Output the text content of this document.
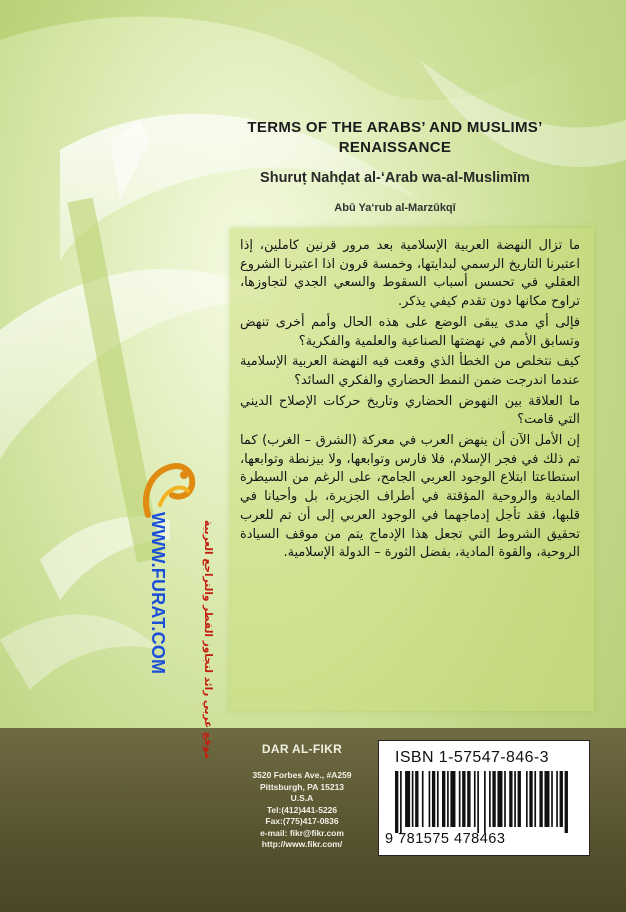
TERMS OF THE ARABS’ AND MUSLIMS’

RENAISSANCE

Shuruṭ Nahḍat al-‘Arab wa-al-Muslimīm
Abū Ya‘rub al-Marzūkqī

ما تزال النهضة العربية الإسلامية بعد مرور قرنين كاملين، إذا اعتبرنا التاريخ الرسمي لبدايتها، وخمسة قرون اذا اعتبرنا الشروع العقلي في تحسس أسباب السقوط والسعي الجدي لتجاوزها، تراوح مكانها دون تقدم كيفي يذكر.

فإلى أي مدى يبقى الوضع على هذه الحال وأمم أخرى تنهض وتسابق الأمم في نهضتها الصناعية والعلمية والفكرية؟

كيف نتخلص من الخطأ الذي وقعت فيه النهضة العربية الإسلامية عندما اندرجت ضمن النمط الحضاري والفكري السائد؟

ما العلاقة بين النهوض الحضاري وتاريخ حركات الإصلاح الديني التي قامت؟

إن الأمل الآن أن ينهض العرب في معركة (الشرق – الغرب) كما تم ذلك في فجر الإسلام، فلا فارس وتوابعها، ولا بيزنطة وتوابعها، استطاعتا ابتلاع الوجود العربي الجامح، على الرغم من السيطرة المادية والروحية المؤقتة في أطراف الجزيرة، بل وأحيانا في قلبها، فقد تأجل إدماجهما في الوجود العربي إلى أن تم للعرب تحقيق الشروط التي تجعل هذا الإدماج يتم من موقف السيادة الروحية، والقوة المادية، بفضل الثورة – الدولة الإسلامية.

WWW.FURAT.COM	موقع عربي رائد لتجاوز القطر والتراجع العربية	DAR AL-FIKR
3520 Forbes Ave., #A259
Pittsburgh, PA 15213
U.S.A
Tel:(412)441-5226
Fax:(775)417-0836
e-mail: fikr@fikr.com
http://www.fikr.com/
ISBN 1-57547-846-3
9 781575 478463
